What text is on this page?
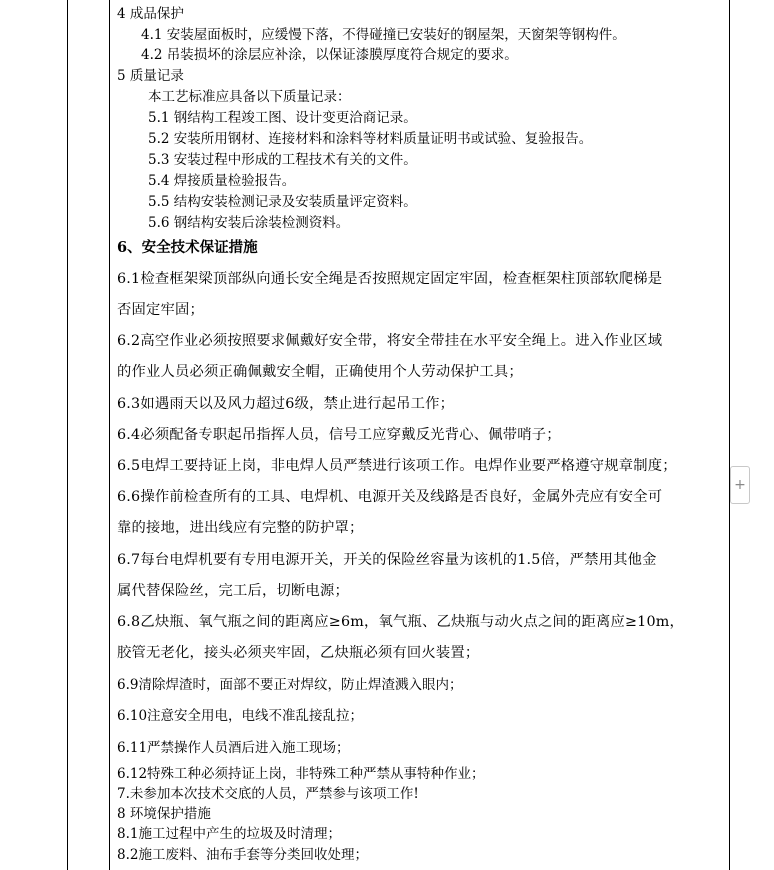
4 成品保护
4.1 安装屋面板时，应缓慢下落，不得碰撞已安装好的钢屋架，天窗架等钢构件。
4.2 吊装损坏的涂层应补涂，以保证漆膜厚度符合规定的要求。
5 质量记录
本工艺标准应具备以下质量记录：
5.1 钢结构工程竣工图、设计变更洽商记录。
5.2 安装所用钢材、连接材料和涂料等材料质量证明书或试验、复验报告。
5.3 安装过程中形成的工程技术有关的文件。
5.4 焊接质量检验报告。
5.5 结构安装检测记录及安装质量评定资料。
5.6 钢结构安装后涂装检测资料。
6、安全技术保证措施
6.1检查框架梁顶部纵向通长安全绳是否按照规定固定牢固，检查框架柱顶部软爬梯是
否固定牢固；
6.2高空作业必须按照要求佩戴好安全带，将安全带挂在水平安全绳上。进入作业区域
的作业人员必须正确佩戴安全帽，正确使用个人劳动保护工具；
6.3如遇雨天以及风力超过6级，禁止进行起吊工作；
6.4必须配备专职起吊指挥人员，信号工应穿戴反光背心、佩带哨子；
6.5电焊工要持证上岗，非电焊人员严禁进行该项工作。电焊作业要严格遵守规章制度；
6.6操作前检查所有的工具、电焊机、电源开关及线路是否良好，金属外壳应有安全可
靠的接地，进出线应有完整的防护罩；
6.7每台电焊机要有专用电源开关，开关的保险丝容量为该机的1.5倍，严禁用其他金
属代替保险丝，完工后，切断电源；
6.8乙炔瓶、氧气瓶之间的距离应≥6m，氧气瓶、乙炔瓶与动火点之间的距离应≥10m，
胶管无老化，接头必须夹牢固，乙炔瓶必须有回火装置；
6.9清除焊渣时，面部不要正对焊纹，防止焊渣溅入眼内；
6.10注意安全用电，电线不准乱接乱拉；
6.11严禁操作人员酒后进入施工现场；
6.12特殊工种必须持证上岗，非特殊工种严禁从事特种作业；
7.未参加本次技术交底的人员，严禁参与该项工作!
8 环境保护措施
8.1施工过程中产生的垃圾及时清理；
8.2施工废料、油布手套等分类回收处理；
+
